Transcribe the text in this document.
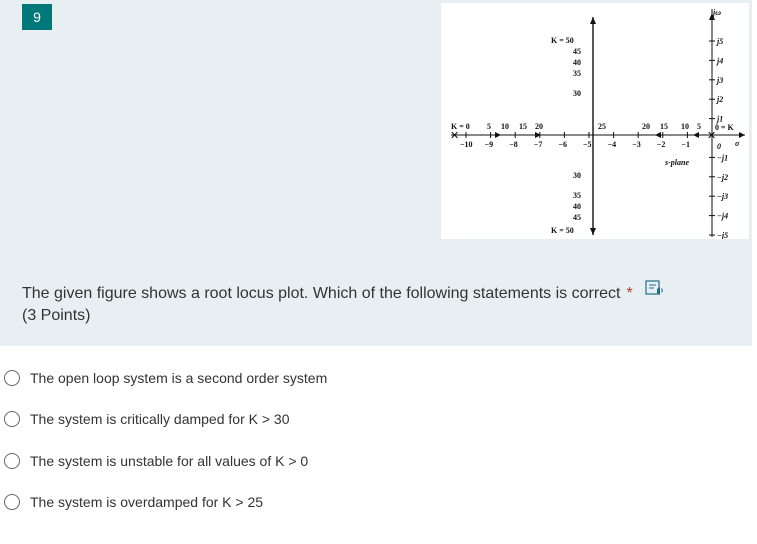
9
✕	✕
j5
j4
j3
j2
j1
0
−j1
−j2
−j3
−j4
−j5
−10 −9 −8 −7 −6 −5 −4 −3 −2 −1
jω
σ
0 = K
s-plane
K = 0 5 10 15 20	25	20 15 10 5
K = 50
45
40
35
30
30
35
40
45
K = 50
The given figure shows a root locus plot. Which of the following statements is correct *
(3 Points)
The open loop system is a second order system
The system is critically damped for K > 30
The system is unstable for all values of K > 0
The system is overdamped for K > 25
